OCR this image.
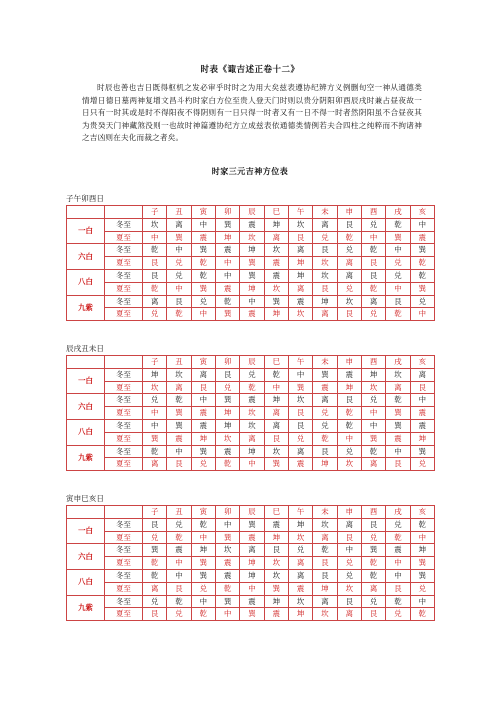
时表《诹吉述正卷十二》
时辰也善也吉日既得枢机之发必审乎时时之为用大矣兹表遵协纪辨方义例删旬空一神从通德类情增日德日墓两神复增文昌斗杓时家白方位至贵人登天门时则以贵分阴阳卯酉辰戌时兼占昼夜故一日只有一时其或是时不得阳夜不得阴则有一日只得一时者又有一日不得一时者然阴阳虽不合昼夜其为贵癸天门神藏煞没则一也故时神篇遵协纪方立成兹表依通德类情例若夫合四柱之纯粹而不拘诸神之吉凶则在夫化而裁之者矣。
时家三元吉神方位表
子午卯酉日
		子	丑	寅	卯	辰	巳	午	未	申	酉	戌	亥
一白	冬至	坎	离	中	巽	震	坤	坎	离	艮	兑	乾	中
	夏至	中	巽	震	坤	坎	离	艮	兑	乾	中	巽	震
六白	冬至	乾	中	巽	震	坤	坎	离	艮	兑	乾	中	巽
	夏至	艮	兑	乾	中	巽	震	坤	坎	离	艮	兑	乾
八白	冬至	艮	兑	乾	中	巽	震	坤	坎	离	艮	兑	乾
	夏至	乾	中	巽	震	坤	坎	离	艮	兑	乾	中	巽
九紫	冬至	离	艮	兑	乾	中	巽	震	坤	坎	离	艮	兑
	夏至	兑	乾	中	巽	震	坤	坎	离	艮	兑	乾	中
辰戌丑未日
		子	丑	寅	卯	辰	巳	午	未	申	酉	戌	亥
一白	冬至	坤	坎	离	艮	兑	乾	中	巽	震	坤	坎	离
	夏至	坎	离	艮	兑	乾	中	巽	震	坤	坎	离	艮
六白	冬至	兑	乾	中	巽	震	坤	坎	离	艮	兑	乾	中
	夏至	中	巽	震	坤	坎	离	艮	兑	乾	中	巽	震
八白	冬至	中	巽	震	坤	坎	离	艮	兑	乾	中	巽	震
	夏至	巽	震	坤	坎	离	艮	兑	乾	中	巽	震	坤
九紫	冬至	乾	中	巽	震	坤	坎	离	艮	兑	乾	中	巽
	夏至	离	艮	兑	乾	中	巽	震	坤	坎	离	艮	兑
寅申巳亥日
		子	丑	寅	卯	辰	巳	午	未	申	酉	戌	亥
一白	冬至	艮	兑	乾	中	巽	震	坤	坎	离	艮	兑	乾
	夏至	兑	乾	中	巽	震	坤	坎	离	艮	兑	乾	中
六白	冬至	巽	震	坤	坎	离	艮	兑	乾	中	巽	震	坤
	夏至	乾	中	巽	震	坤	坎	离	艮	兑	乾	中	巽
八白	冬至	乾	中	巽	震	坤	坎	离	艮	兑	乾	中	巽
	夏至	离	艮	兑	乾	中	巽	震	坤	坎	离	艮	兑
九紫	冬至	兑	乾	中	巽	震	坤	坎	离	艮	兑	乾	中
	夏至	艮	兑	乾	中	巽	震	坤	坎	离	艮	兑	乾
